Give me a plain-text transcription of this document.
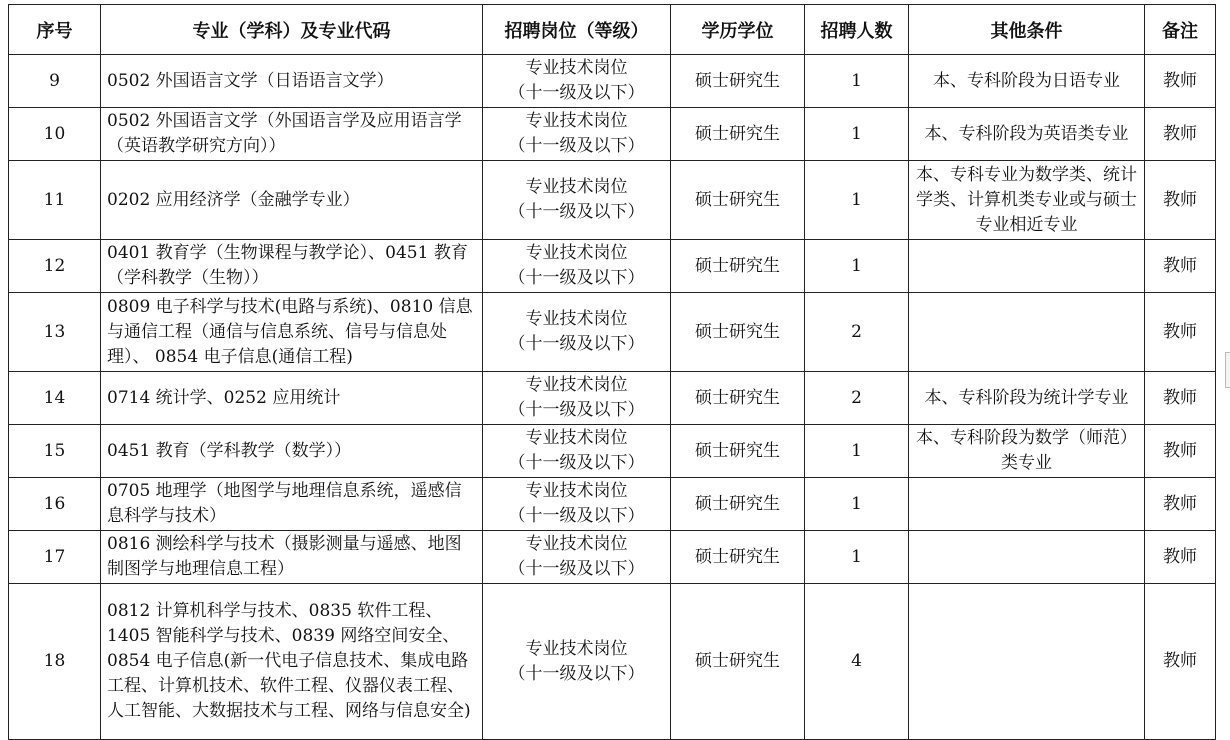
序号	专业（学科）及专业代码	招聘岗位（等级）	学历学位	招聘人数	其他条件	备注
9	0502 外国语言文学（日语语言文学）	专业技术岗位
（十一级及以下）	硕士研究生	1	本、专科阶段为日语专业	教师
10	0502 外国语言文学（外国语言学及应用语言学（英语教学研究方向））	专业技术岗位
（十一级及以下）	硕士研究生	1	本、专科阶段为英语类专业	教师
11	0202 应用经济学（金融学专业）	专业技术岗位
（十一级及以下）	硕士研究生	1	本、专科专业为数学类、统计学类、计算机类专业或与硕士专业相近专业	教师
12	0401 教育学（生物课程与教学论）、0451 教育（学科教学（生物））	专业技术岗位
（十一级及以下）	硕士研究生	1		教师
13	0809 电子科学与技术(电路与系统)、0810 信息与通信工程（通信与信息系统、信号与信息处理）、 0854 电子信息(通信工程)	专业技术岗位
（十一级及以下）	硕士研究生	2		教师
14	0714 统计学、0252 应用统计	专业技术岗位
（十一级及以下）	硕士研究生	2	本、专科阶段为统计学专业	教师
15	0451 教育（学科教学（数学））	专业技术岗位
（十一级及以下）	硕士研究生	1	本、专科阶段为数学（师范）类专业	教师
16	0705 地理学（地图学与地理信息系统，遥感信息科学与技术）	专业技术岗位
（十一级及以下）	硕士研究生	1		教师
17	0816 测绘科学与技术（摄影测量与遥感、地图制图学与地理信息工程）	专业技术岗位
（十一级及以下）	硕士研究生	1		教师
18	0812 计算机科学与技术、0835 软件工程、1405 智能科学与技术、0839 网络空间安全、0854 电子信息(新一代电子信息技术、集成电路工程、计算机技术、软件工程、仪器仪表工程、人工智能、大数据技术与工程、网络与信息安全)	专业技术岗位
（十一级及以下）	硕士研究生	4		教师
